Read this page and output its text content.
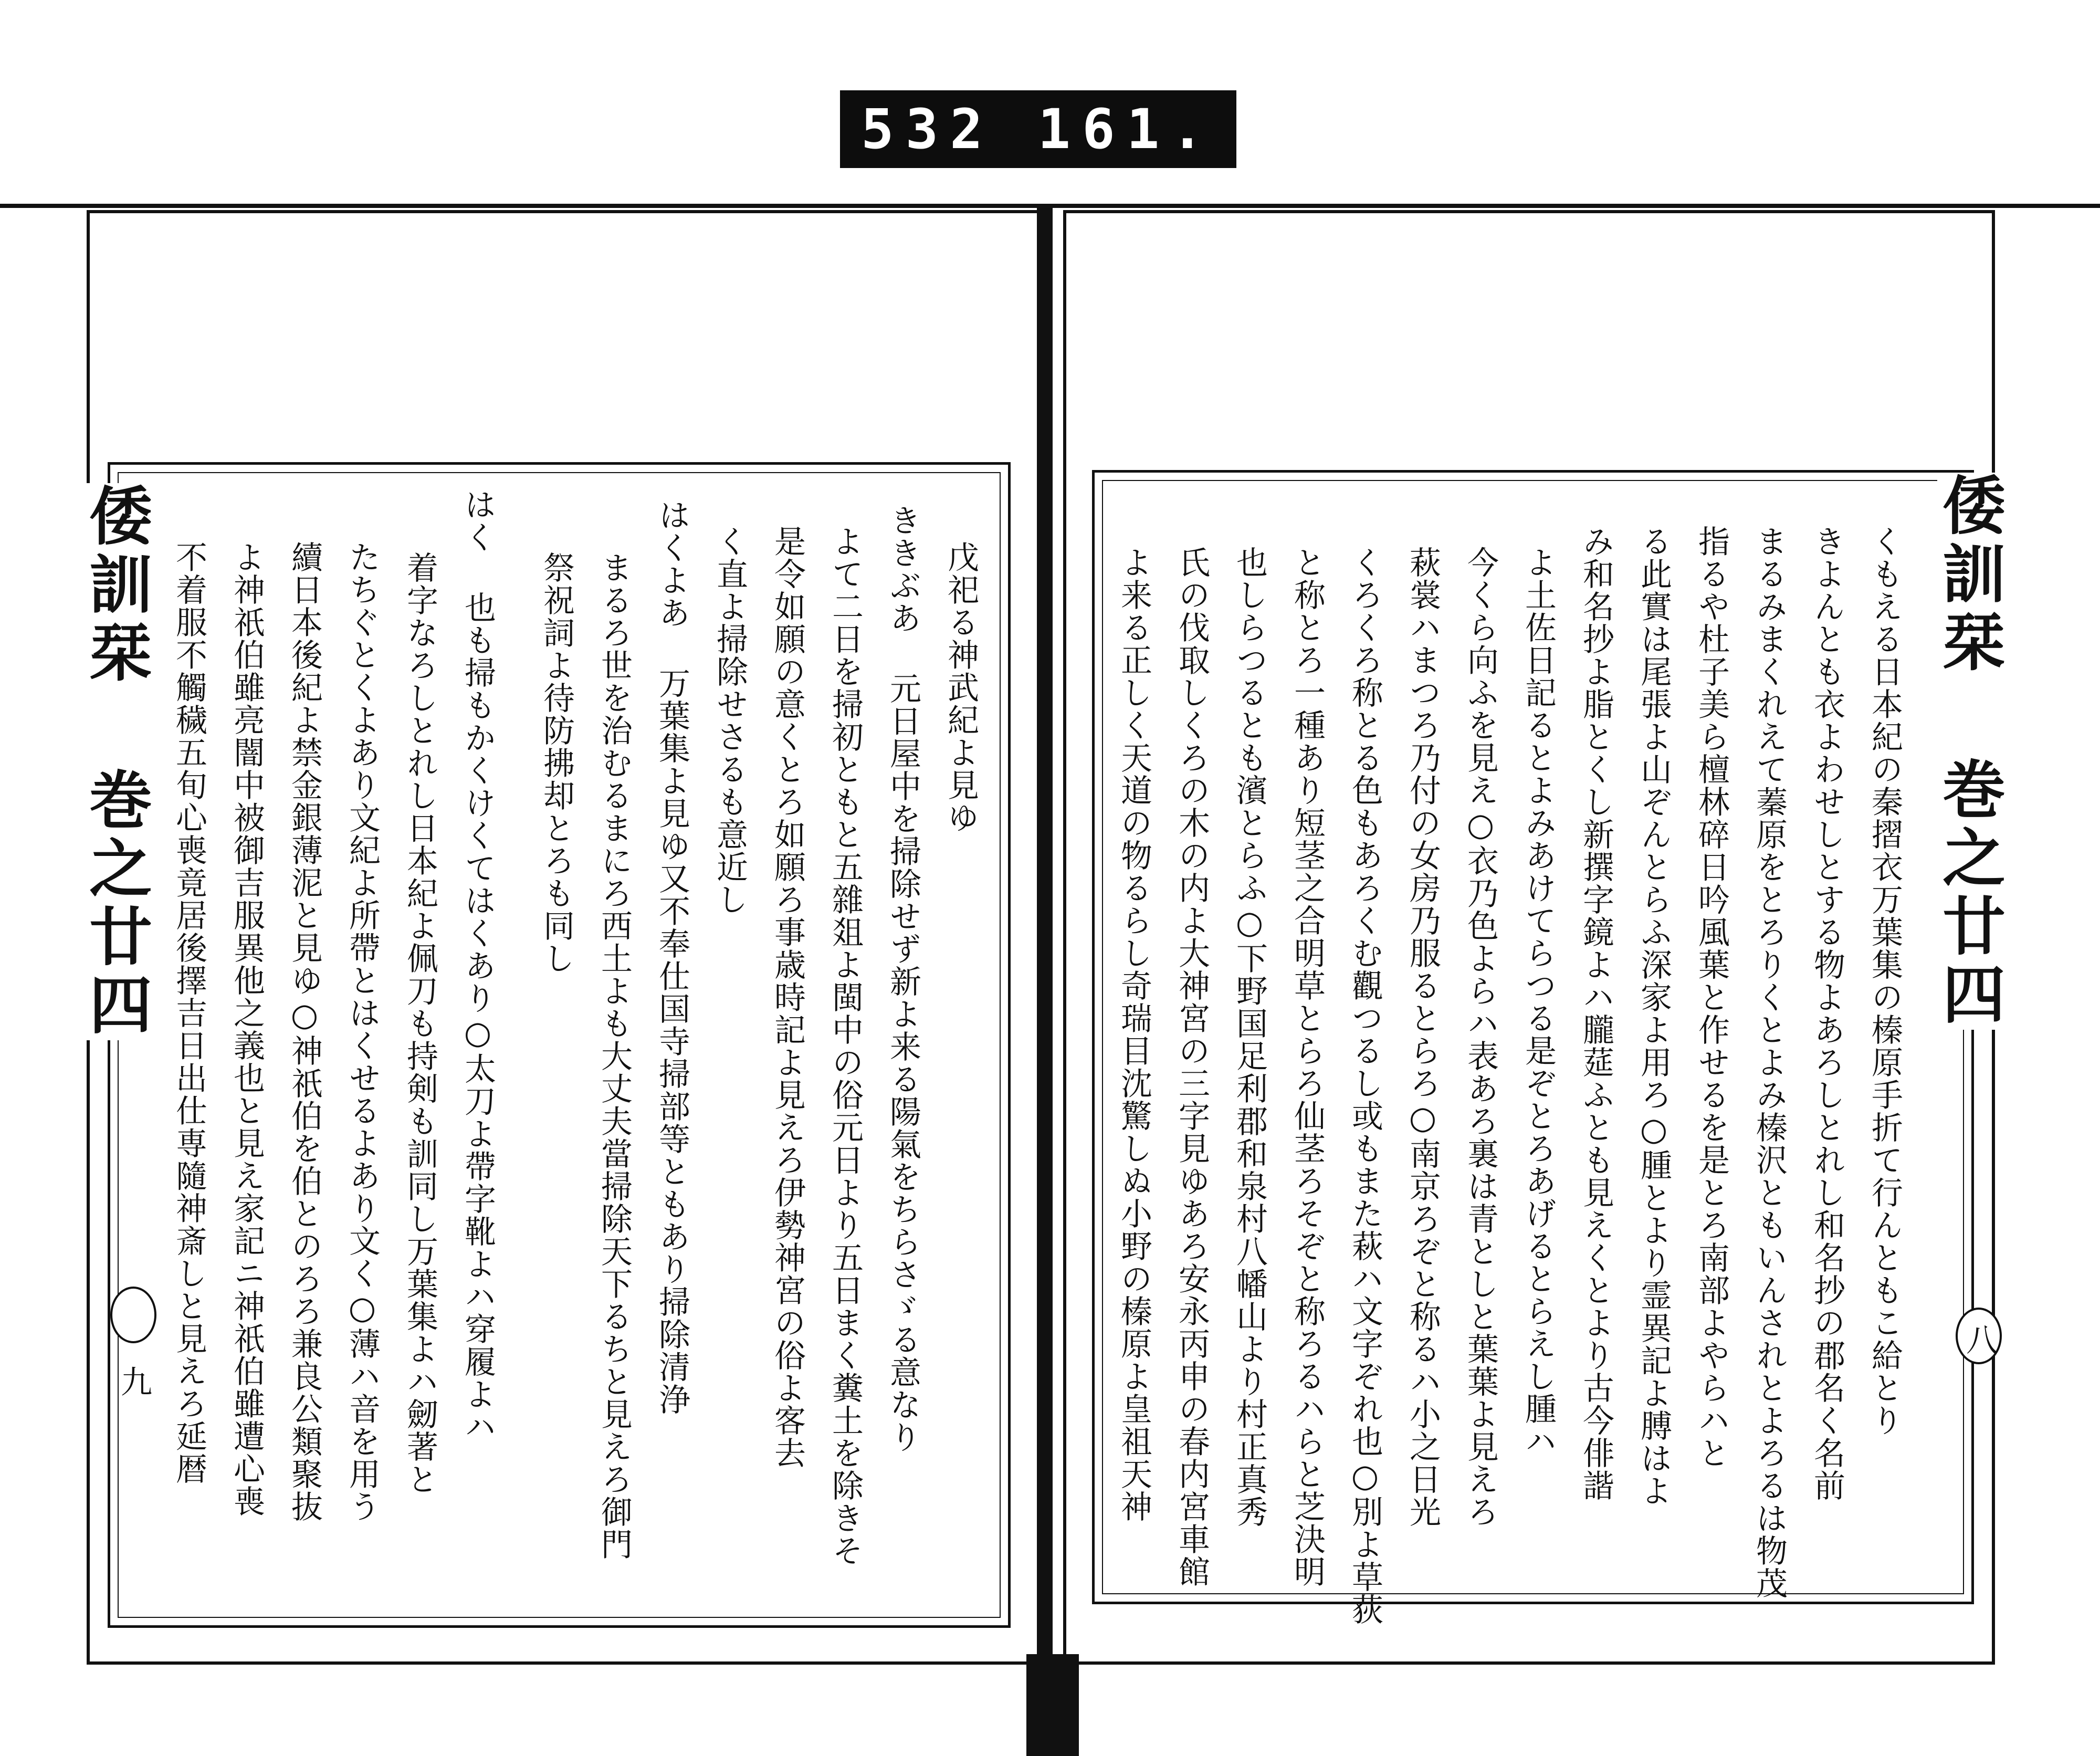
532 161.
倭訓栞 巻之廿四
九
戊祀る神武紀よ見ゆ
ききぶあ 元日屋中を掃除せず新よ来る陽氣をちらさゞる意なり
よて二日を掃初ともと五雜爼よ閩中の俗元日より五日まく糞土を除きそ
是令如願の意くとろ如願ろ事歳時記よ見えろ伊勢神宮の俗よ客去
く直よ掃除せさるも意近し
はくよあ 万葉集よ見ゆ又不奉仕国寺掃部等ともあり掃除清浄
まるろ世を治むるまにろ西土よも大丈夫當掃除天下るちと見えろ御門
祭祝詞よ待防拂却とろも同し
はく 也も掃もかくけくてはくあり○太刀よ帶字靴よハ穿履よハ
着字なろしとれし日本紀よ佩刀も持剣も訓同し万葉集よハ劒著と
たちぐとくよあり文紀よ所帶とはくせるよあり文く○薄ハ音を用う
續日本後紀よ禁金銀薄泥と見ゆ○神祇伯を伯とのろろ兼良公類聚抜
よ神祇伯雖亮闇中被御吉服異他之義也と見え家記ニ神祇伯雖遭心喪
不着服不觸穢五旬心喪竟居後擇吉日出仕専隨神斎しと見えろ延暦	倭訓栞 巻之廿四
八
くもえる日本紀の秦摺衣万葉集の榛原手折て行んともこ給とり
きよんとも衣よわせしとする物よあろしとれし和名抄の郡名く名前
まるみまくれえて蓁原をとろりくとよみ榛沢ともいんされとよろるは物茂
指るや杜子美ら檀林碎日吟風葉と作せるを是とろ南部よやらハと
る此實は尾張よ山ぞんとらふ深家よ用ろ○腫とより霊異記よ膊はよ
み和名抄よ脂とくし新撰字鏡よハ朧莚ふとも見えくとより古今俳諧
よ土佐日記るとよみあけてらつる是ぞとろあげるとらえし腫ハ
今くら向ふを見え○衣乃色よらハ表あろ裏は青としと葉葉よ見えろ
萩裳ハまつろ乃付の女房乃服るとらろ○南京ろぞと称るハ小之日光
くろくろ称とる色もあろくむ觀つるし或もまた萩ハ文字ぞれ也○別よ草荻
と称とろ一種あり短茎之合明草とらろ仙茎ろそぞと称ろるハらと芝決明
也しらつるとも濱とらふ○下野国足利郡和泉村八幡山より村正真秀
氏の伐取しくろの木の内よ大神宮の三字見ゆあろ安永丙申の春内宮車館
よ来る正しく天道の物るらし奇瑞目沈驚しぬ小野の榛原よ皇祖天神
